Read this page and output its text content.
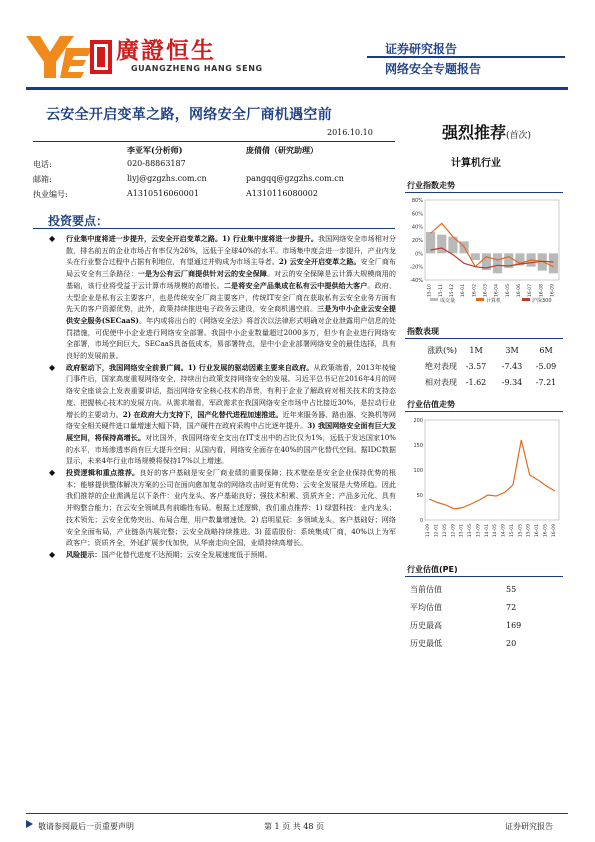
廣證恒生
GUANGZHENG HANG SENG
证券研究报告
网络安全专题报告
云安全开启变革之路，网络安全厂商机遇空前
2016.10.10
李亚军(分析师)	庞倩倩（研究助理）
电话:	020-88863187
邮箱:	liyj@gzgzhs.com.cn	pangqq@gzgzhs.com.cn
执业编号:	A1310516060001	A1310116080002
强烈推荐(首次)
计算机行业
行业指数走势
80%
60%
40%
20%
0%
-20%
-40%
15-10 15-11 15-12 16-01 16-02 16-03 16-04 16-05 16-06 16-07 16-08 16-09
成交量	计算机	沪深300
指数表现
涨跌(%)	1M	3M	6M
绝对表现	-3.57	-7.43	-5.09
相对表现	-1.62	-9.34	-7.21
行业估值走势
200
150
100
50
0
11-09 12-01 12-05 12-09 13-01 13-05 13-09 14-01 14-05 14-09 15-01 15-05 15-09 16-01 16-05 16-09
行业估值(PE)
当前估值	55
平均估值	72
历史最高	169
历史最低	20
投资要点：

◆ 行业集中度将进一步提升，云安全开启变革之路。1) 行业集中度将进一步提升。我国网络安全市场相对分散，排名前五的企业市场占有率仅为26%，远低于全球40%的水平。市场集中度会进一步提升，产业内龙头在行业整合过程中占据有利地位，有望通过并购成为市场主导者。2) 云安全开启变革之路。安全厂商布局云安全有三条路径：一是为公有云厂商提供针对云的安全保障。对云的安全保障是云计算大规模商用的基础，该行业将受益于云计算市场规模的高增长。二是将安全产品集成在私有云中提供给大客户。政府、大型企业是私有云主要客户，也是传统安全厂商主要客户，传统IT安全厂商在获取私有云安全业务方面有先天的客户资源优势，此外，政策持续推进电子政务云建设，安全商机遇空前。三是为中小企业云安全提供安全服务(SECaaS)。年内或将出台的《网络安全法》将首次以法律形式明确对企业泄露用户信息的处罚措施，可促使中小企业进行网络安全部署。我国中小企业数量超过2000多万，但少有企业进行网络安全部署，市场空间巨大。SECaaS具备低成本，易部署特点，是中小企业部署网络安全的最佳选择，具有良好的发展前景。

◆ 政府驱动下，我国网络安全前景广阔。1) 行业发展的驱动因素主要来自政府。从政策端看，2013年棱镜门事件后，国家高度重视网络安全，持续出台政策支持网络安全的发展。习近平总书记在2016年4月的网络安全座谈会上发表重要讲话，指出网络安全核心技术的昂贵，有利于企业了解政府对相关技术的支持态度、把握核心技术的发展方向。从需求端看，军政需求在我国网络安全市场中占比接近30%，是拉动行业增长的主要动力。2) 在政府大力支持下，国产化替代进程加速推进。近年来服务器、路由器、交换机等网络安全相关硬件进口量增速大幅下降，国产硬件在政府采购中占比逐年提升。3) 我国网络安全面有巨大发展空间，将保持高增长。对比国外，我国网络安全支出在IT支出中的占比仅为1%，远低于发达国家10%的水平，市场渗透率尚有巨大提升空间；从国内看，网络安全面存在40%的国产化替代空间。据IDC数据显示，未来4年行业市场规模将保持17%以上增速。

◆ 投资逻辑和重点推荐。良好的客户基础是安全厂商业绩的重要保障；技术壁垒是安全企业保持优势的根本；能够提供整体解决方案的公司在面向愈加复杂的网络攻击时更有优势；云安全发展是大势所趋。因此我们推荐的企业需满足以下条件：业内龙头、客户基础良好；强技术积累、资质齐全；产品多元化、具有并购整合能力；在云安全领域具有前瞻性布局。根据上述逻辑，我们重点推荐：1) 绿盟科技：业内龙头；技术领先；云安全优势突出、布局合理，用户数量增速快。2) 启明星辰：多领域龙头，客户基础好；网络安全全面布局，产业链条内展完整；云安全战略持续推进。3) 蓝盾股份：系统集成厂商，40%以上为军政客户；资质齐全，外延扩展步伐加快，从华南走向全国，业绩持续高增长。

◆ 风险提示：国产化替代进度不达预期；云安全发展速度低于预期。

敬请参阅最后一页重要声明	第 1 页 共 48 页	证券研究报告
